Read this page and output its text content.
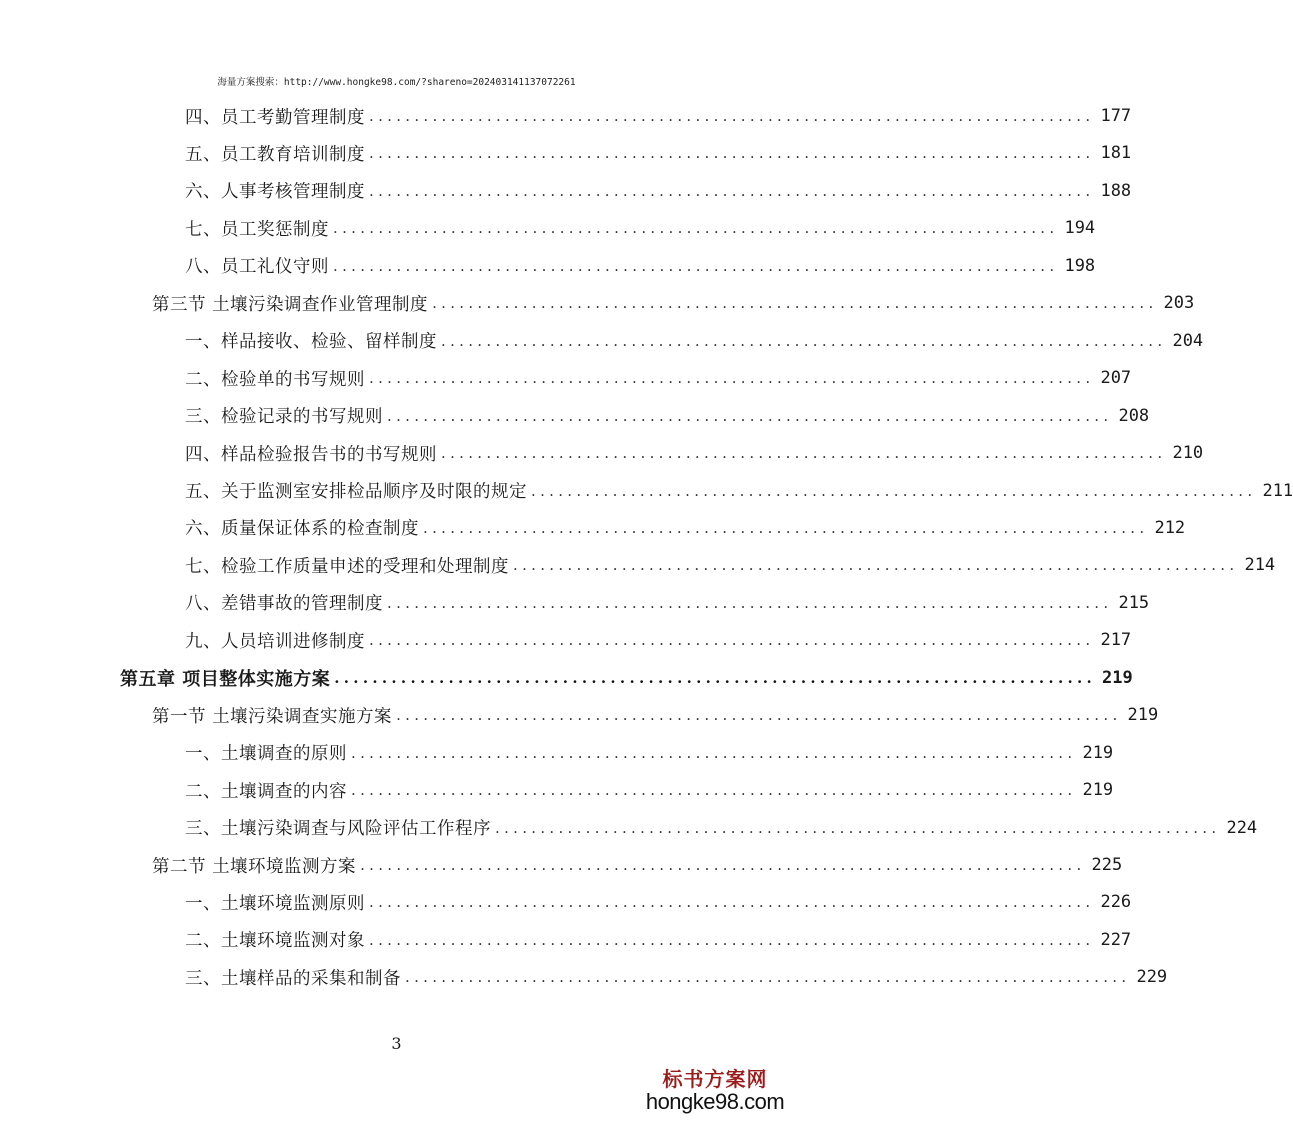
海量方案搜索：http://www.hongke98.com/?shareno=202403141137072261
四、员工考勤管理制度 ................................................................................ 177
五、员工教育培训制度 ................................................................................ 181
六、人事考核管理制度 ................................................................................ 188
七、员工奖惩制度 ................................................................................ 194
八、员工礼仪守则 ................................................................................ 198
第三节 土壤污染调查作业管理制度 ................................................................................ 203
一、样品接收、检验、留样制度 ................................................................................ 204
二、检验单的书写规则 ................................................................................ 207
三、检验记录的书写规则 ................................................................................ 208
四、样品检验报告书的书写规则 ................................................................................ 210
五、关于监测室安排检品顺序及时限的规定 ................................................................................ 211
六、质量保证体系的检查制度 ................................................................................ 212
七、检验工作质量申述的受理和处理制度 ................................................................................ 214
八、差错事故的管理制度 ................................................................................ 215
九、人员培训进修制度 ................................................................................ 217
第五章 项目整体实施方案 ................................................................................ 219
第一节 土壤污染调查实施方案 ................................................................................ 219
一、土壤调查的原则 ................................................................................ 219
二、土壤调查的内容 ................................................................................ 219
三、土壤污染调查与风险评估工作程序 ................................................................................ 224
第二节 土壤环境监测方案 ................................................................................ 225
一、土壤环境监测原则 ................................................................................ 226
二、土壤环境监测对象 ................................................................................ 227
三、土壤样品的采集和制备 ................................................................................ 229
3
标书方案网
hongke98.com
